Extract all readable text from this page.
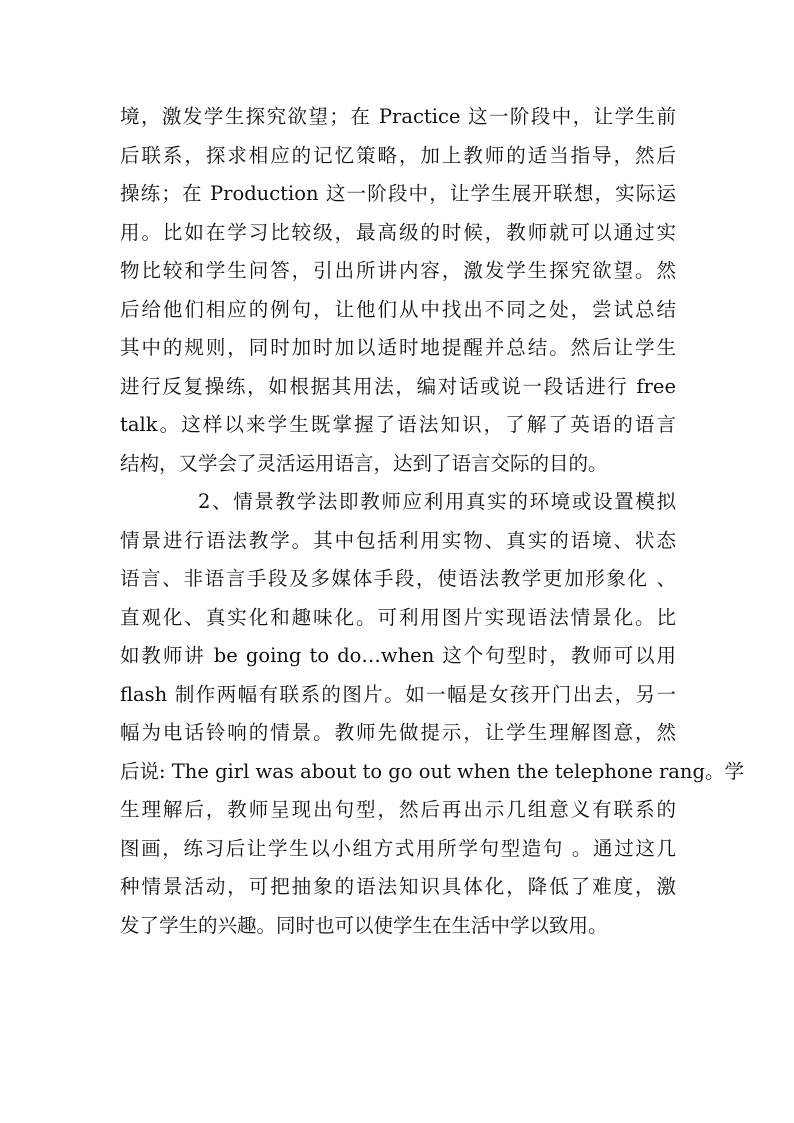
境，激发学生探究欲望；在 Practice 这一阶段中，让学生前
后联系，探求相应的记忆策略，加上教师的适当指导，然后
操练；在 Production 这一阶段中，让学生展开联想，实际运
用。比如在学习比较级，最高级的时候，教师就可以通过实
物比较和学生问答，引出所讲内容，激发学生探究欲望。然
后给他们相应的例句，让他们从中找出不同之处，尝试总结
其中的规则，同时加时加以适时地提醒并总结。然后让学生
进行反复操练，如根据其用法，编对话或说一段话进行 free
talk。这样以来学生既掌握了语法知识，了解了英语的语言
结构，又学会了灵活运用语言，达到了语言交际的目的。

2、情景教学法即教师应利用真实的环境或设置模拟
情景进行语法教学。其中包括利用实物、真实的语境、状态
语言、非语言手段及多媒体手段，使语法教学更加形象化 、
直观化、真实化和趣味化。可利用图片实现语法情景化。比
如教师讲 be going to do…when 这个句型时，教师可以用
flash 制作两幅有联系的图片。如一幅是女孩开门出去，另一
幅为电话铃响的情景。教师先做提示，让学生理解图意，然
后说: The girl was about to go out when the telephone rang。学
生理解后，教师呈现出句型，然后再出示几组意义有联系的
图画，练习后让学生以小组方式用所学句型造句 。通过这几
种情景活动，可把抽象的语法知识具体化，降低了难度，激
发了学生的兴趣。同时也可以使学生在生活中学以致用。
